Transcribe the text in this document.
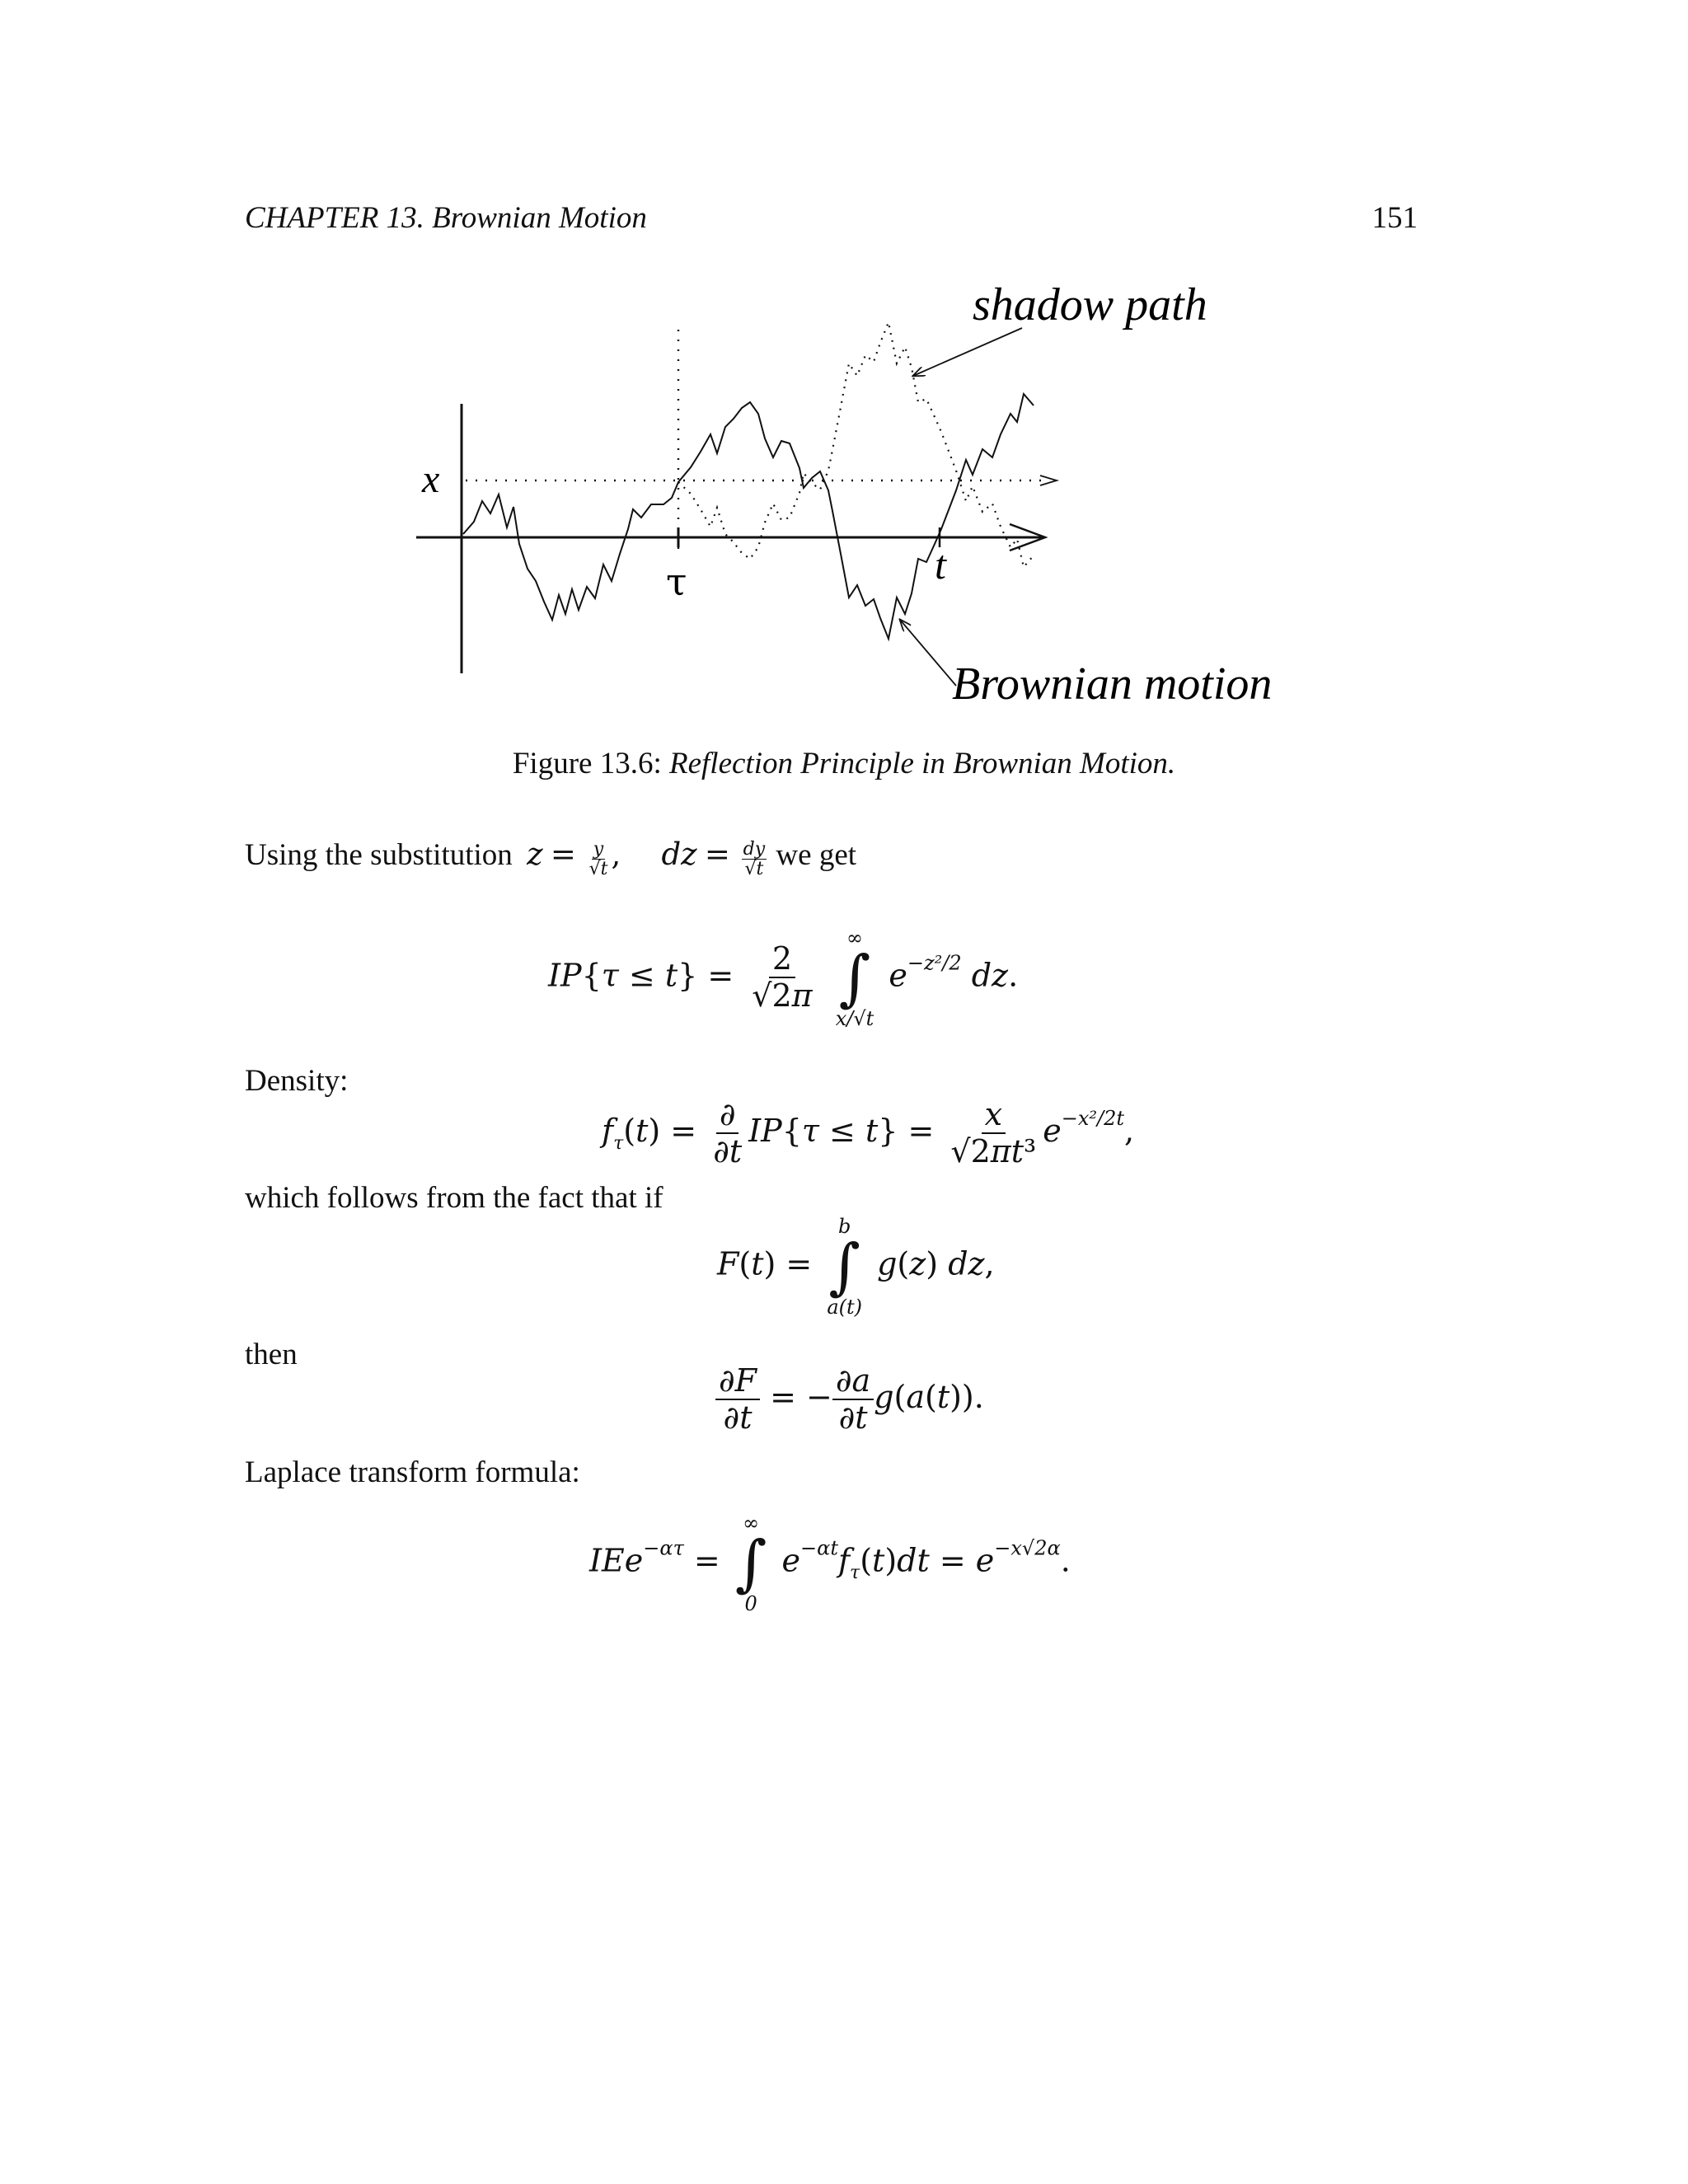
CHAPTER 13. Brownian Motion	151
x
τ	t
shadow path
Brownian motion
Figure 13.6: Reflection Principle in Brownian Motion.
Using the substitution $z = \frac{y}{√t}$ , dz = $\frac{dy}{√t}$ we get
$IP\{\tau \le t\} = \frac{2}{√2\pi}$

∞
∫
x/√t
$e^{-z^2/2}$ dz.
Density:
$f_\tau(t) = \frac{\partial}{\partial t} IP\{\tau \le t\} = \frac{x}{\text{√2πt³}} e^{-x^2/2t}$,
which follows from the fact that if
F(t) =
b
∫
a(t)
g(z) dz,
then
$\frac{\partial F}{\partial t}$ = − $\frac{\partial a}{\partial t} g(a(t))$.
Laplace transform formula:
IEe$^{-\alpha\tau}$ =
∞
∫
0
$e^{-\alpha t}f_\tau(t)dt = e^{-x√2\alpha}$.
